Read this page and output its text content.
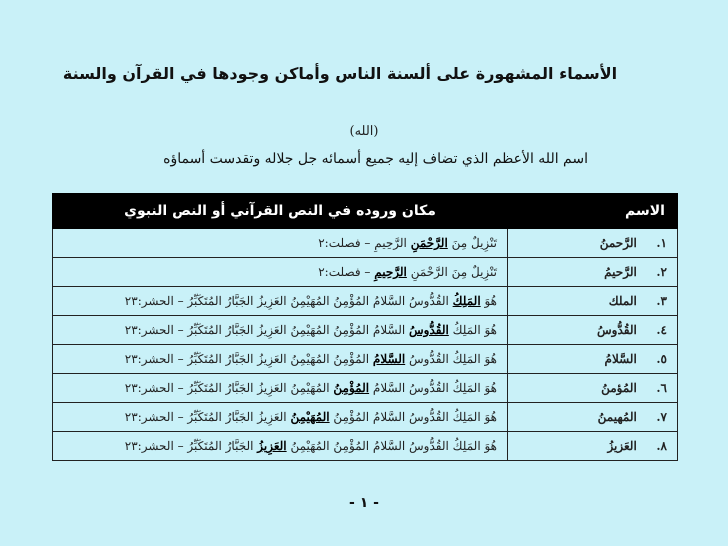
الأسماء المشهورة على ألسنة الناس وأماكن وجودها في القرآن والسنة
(الله)
اسم الله الأعظم الذي تضاف إليه جميع أسمائه جل جلاله وتقدست أسماؤه
الاسم	مكان وروده في النص القرآني أو النص النبوي
١. الرَّحمنُ	تَنْزِيلٌ مِنَ الرَّحْمَنِ الرَّحِيمِ – فصلت:٢
٢. الرَّحيمُ	تَنْزِيلٌ مِنَ الرَّحْمَنِ الرَّحِيمِ – فصلت:٢
٣. الملك	هُوَ المَلِكُ القُدُّوسُ السَّلامُ المُؤْمِنُ المُهَيْمِنُ العَزِيزُ الجَبَّارُ المُتَكَبِّرُ – الحشر:٢٣
٤. القُدُّوسُ	هُوَ المَلِكُ القُدُّوسُ السَّلامُ المُؤْمِنُ المُهَيْمِنُ العَزِيزُ الجَبَّارُ المُتَكَبِّرُ – الحشر:٢٣
٥. السَّلامُ	هُوَ المَلِكُ القُدُّوسُ السَّلامُ المُؤْمِنُ المُهَيْمِنُ العَزِيزُ الجَبَّارُ المُتَكَبِّرُ – الحشر:٢٣
٦. المُؤمنُ	هُوَ المَلِكُ القُدُّوسُ السَّلامُ المُؤْمِنُ المُهَيْمِنُ العَزِيزُ الجَبَّارُ المُتَكَبِّرُ – الحشر:٢٣
٧. المُهيمنُ	هُوَ المَلِكُ القُدُّوسُ السَّلامُ المُؤْمِنُ المُهَيْمِنُ العَزِيزُ الجَبَّارُ المُتَكَبِّرُ – الحشر:٢٣
٨. العَزيزُ	هُوَ المَلِكُ القُدُّوسُ السَّلامُ المُؤْمِنُ المُهَيْمِنُ العَزِيزُ الجَبَّارُ المُتَكَبِّرُ – الحشر:٢٣
- ١ -
